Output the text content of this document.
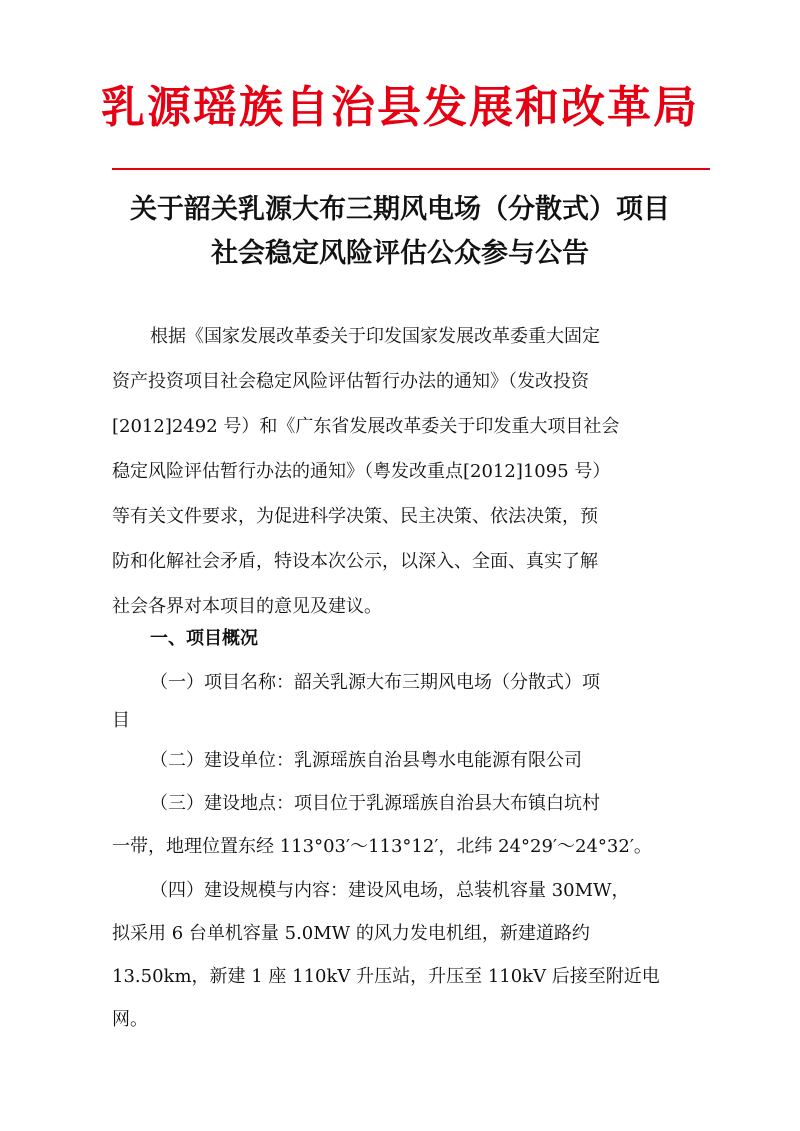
乳源瑶族自治县发展和改革局
关于韶关乳源大布三期风电场（分散式）项目
社会稳定风险评估公众参与公告
根据《国家发展改革委关于印发国家发展改革委重大固定
资产投资项目社会稳定风险评估暂行办法的通知》（发改投资
[2012]2492 号）和《广东省发展改革委关于印发重大项目社会
稳定风险评估暂行办法的通知》（粤发改重点[2012]1095 号）
等有关文件要求，为促进科学决策、民主决策、依法决策，预
防和化解社会矛盾，特设本次公示，以深入、全面、真实了解
社会各界对本项目的意见及建议。
一、项目概况
（一）项目名称：韶关乳源大布三期风电场（分散式）项
目
（二）建设单位：乳源瑶族自治县粤水电能源有限公司
（三）建设地点：项目位于乳源瑶族自治县大布镇白坑村
一带，地理位置东经 113°03′～113°12′，北纬 24°29′～24°32′。
（四）建设规模与内容：建设风电场，总装机容量 30MW，
拟采用 6 台单机容量 5.0MW 的风力发电机组，新建道路约
13.50km，新建 1 座 110kV 升压站，升压至 110kV 后接至附近电
网。
